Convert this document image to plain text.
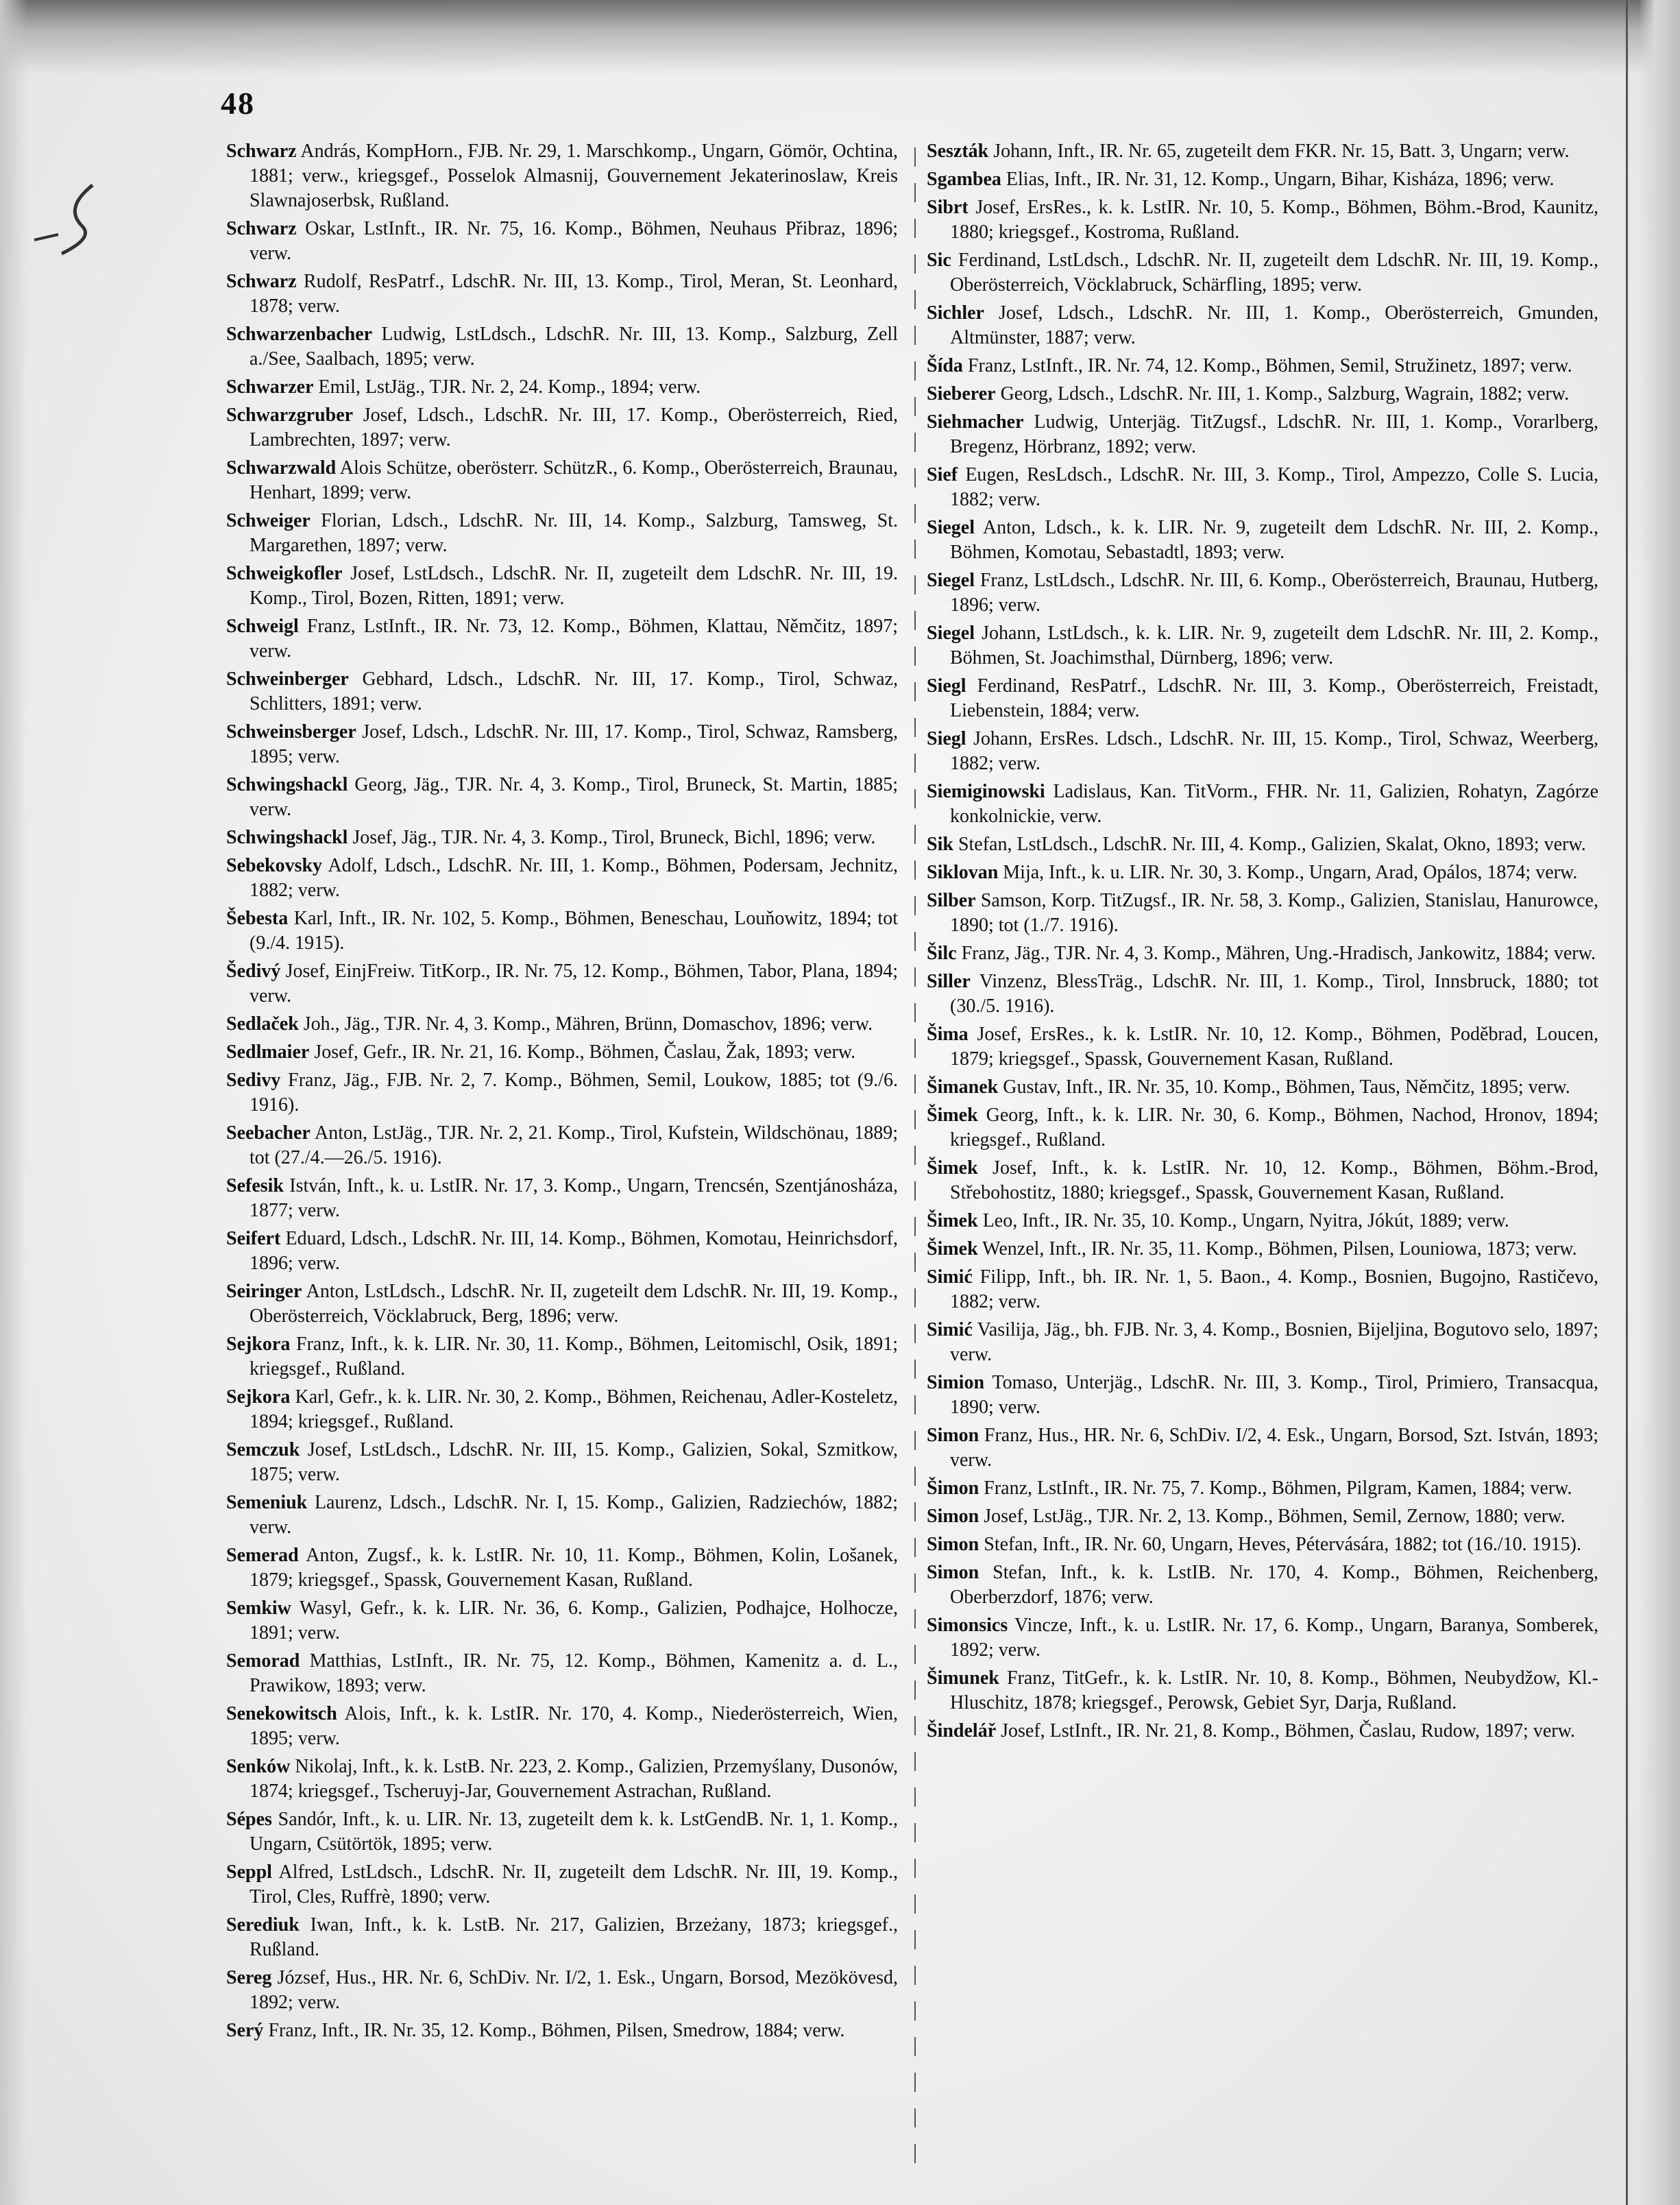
48

Schwarz András, KompHorn., FJB. Nr. 29, 1. Marschkomp., Ungarn, Gömör, Ochtina, 1881; verw., kriegsgef., Posselok Almasnij, Gouvernement Jekaterinoslaw, Kreis Slawnajoserbsk, Rußland.

Schwarz Oskar, LstInft., IR. Nr. 75, 16. Komp., Böhmen, Neuhaus Přibraz, 1896; verw.

Schwarz Rudolf, ResPatrf., LdschR. Nr. III, 13. Komp., Tirol, Meran, St. Leonhard, 1878; verw.

Schwarzenbacher Ludwig, LstLdsch., LdschR. Nr. III, 13. Komp., Salzburg, Zell a./See, Saalbach, 1895; verw.

Schwarzer Emil, LstJäg., TJR. Nr. 2, 24. Komp., 1894; verw.

Schwarzgruber Josef, Ldsch., LdschR. Nr. III, 17. Komp., Oberösterreich, Ried, Lambrechten, 1897; verw.

Schwarzwald Alois Schütze, oberösterr. SchützR., 6. Komp., Oberösterreich, Braunau, Henhart, 1899; verw.

Schweiger Florian, Ldsch., LdschR. Nr. III, 14. Komp., Salzburg, Tamsweg, St. Margarethen, 1897; verw.

Schweigkofler Josef, LstLdsch., LdschR. Nr. II, zugeteilt dem LdschR. Nr. III, 19. Komp., Tirol, Bozen, Ritten, 1891; verw.

Schweigl Franz, LstInft., IR. Nr. 73, 12. Komp., Böhmen, Klattau, Němčitz, 1897; verw.

Schweinberger Gebhard, Ldsch., LdschR. Nr. III, 17. Komp., Tirol, Schwaz, Schlitters, 1891; verw.

Schweinsberger Josef, Ldsch., LdschR. Nr. III, 17. Komp., Tirol, Schwaz, Ramsberg, 1895; verw.

Schwingshackl Georg, Jäg., TJR. Nr. 4, 3. Komp., Tirol, Bruneck, St. Martin, 1885; verw.

Schwingshackl Josef, Jäg., TJR. Nr. 4, 3. Komp., Tirol, Bruneck, Bichl, 1896; verw.

Sebekovsky Adolf, Ldsch., LdschR. Nr. III, 1. Komp., Böhmen, Podersam, Jechnitz, 1882; verw.

Šebesta Karl, Inft., IR. Nr. 102, 5. Komp., Böhmen, Beneschau, Louňowitz, 1894; tot (9./4. 1915).

Šedivý Josef, EinjFreiw. TitKorp., IR. Nr. 75, 12. Komp., Böhmen, Tabor, Plana, 1894; verw.

Sedlaček Joh., Jäg., TJR. Nr. 4, 3. Komp., Mähren, Brünn, Domaschov, 1896; verw.

Sedlmaier Josef, Gefr., IR. Nr. 21, 16. Komp., Böhmen, Časlau, Žak, 1893; verw.

Sedivy Franz, Jäg., FJB. Nr. 2, 7. Komp., Böhmen, Semil, Loukow, 1885; tot (9./6. 1916).

Seebacher Anton, LstJäg., TJR. Nr. 2, 21. Komp., Tirol, Kufstein, Wildschönau, 1889; tot (27./4.—26./5. 1916).

Sefesik István, Inft., k. u. LstIR. Nr. 17, 3. Komp., Ungarn, Trencsén, Szentjánosháza, 1877; verw.

Seifert Eduard, Ldsch., LdschR. Nr. III, 14. Komp., Böhmen, Komotau, Heinrichsdorf, 1896; verw.

Seiringer Anton, LstLdsch., LdschR. Nr. II, zugeteilt dem LdschR. Nr. III, 19. Komp., Oberösterreich, Vöcklabruck, Berg, 1896; verw.

Sejkora Franz, Inft., k. k. LIR. Nr. 30, 11. Komp., Böhmen, Leitomischl, Osik, 1891; kriegsgef., Rußland.

Sejkora Karl, Gefr., k. k. LIR. Nr. 30, 2. Komp., Böhmen, Reichenau, Adler-Kosteletz, 1894; kriegsgef., Rußland.

Semczuk Josef, LstLdsch., LdschR. Nr. III, 15. Komp., Galizien, Sokal, Szmitkow, 1875; verw.

Semeniuk Laurenz, Ldsch., LdschR. Nr. I, 15. Komp., Galizien, Radziechów, 1882; verw.

Semerad Anton, Zugsf., k. k. LstIR. Nr. 10, 11. Komp., Böhmen, Kolin, Lošanek, 1879; kriegsgef., Spassk, Gouvernement Kasan, Rußland.

Semkiw Wasyl, Gefr., k. k. LIR. Nr. 36, 6. Komp., Galizien, Podhajce, Holhocze, 1891; verw.

Semorad Matthias, LstInft., IR. Nr. 75, 12. Komp., Böhmen, Kamenitz a. d. L., Prawikow, 1893; verw.

Senekowitsch Alois, Inft., k. k. LstIR. Nr. 170, 4. Komp., Niederösterreich, Wien, 1895; verw.

Senków Nikolaj, Inft., k. k. LstB. Nr. 223, 2. Komp., Galizien, Przemyślany, Dusonów, 1874; kriegsgef., Tscheruyj-Jar, Gouvernement Astrachan, Rußland.

Sépes Sandór, Inft., k. u. LIR. Nr. 13, zugeteilt dem k. k. LstGendB. Nr. 1, 1. Komp., Ungarn, Csütörtök, 1895; verw.

Seppl Alfred, LstLdsch., LdschR. Nr. II, zugeteilt dem LdschR. Nr. III, 19. Komp., Tirol, Cles, Ruffrè, 1890; verw.

Serediuk Iwan, Inft., k. k. LstB. Nr. 217, Galizien, Brzeżany, 1873; kriegsgef., Rußland.

Sereg József, Hus., HR. Nr. 6, SchDiv. Nr. I/2, 1. Esk., Ungarn, Borsod, Mezökövesd, 1892; verw.

Serý Franz, Inft., IR. Nr. 35, 12. Komp., Böhmen, Pilsen, Smedrow, 1884; verw.

Seszták Johann, Inft., IR. Nr. 65, zugeteilt dem FKR. Nr. 15, Batt. 3, Ungarn; verw.

Sgambea Elias, Inft., IR. Nr. 31, 12. Komp., Ungarn, Bihar, Kisháza, 1896; verw.

Sibrt Josef, ErsRes., k. k. LstIR. Nr. 10, 5. Komp., Böhmen, Böhm.-Brod, Kaunitz, 1880; kriegsgef., Kostroma, Rußland.

Sic Ferdinand, LstLdsch., LdschR. Nr. II, zugeteilt dem LdschR. Nr. III, 19. Komp., Oberösterreich, Vöcklabruck, Schärfling, 1895; verw.

Sichler Josef, Ldsch., LdschR. Nr. III, 1. Komp., Oberösterreich, Gmunden, Altmünster, 1887; verw.

Šída Franz, LstInft., IR. Nr. 74, 12. Komp., Böhmen, Semil, Stružinetz, 1897; verw.

Sieberer Georg, Ldsch., LdschR. Nr. III, 1. Komp., Salzburg, Wagrain, 1882; verw.

Siehmacher Ludwig, Unterjäg. TitZugsf., LdschR. Nr. III, 1. Komp., Vorarlberg, Bregenz, Hörbranz, 1892; verw.

Sief Eugen, ResLdsch., LdschR. Nr. III, 3. Komp., Tirol, Ampezzo, Colle S. Lucia, 1882; verw.

Siegel Anton, Ldsch., k. k. LIR. Nr. 9, zugeteilt dem LdschR. Nr. III, 2. Komp., Böhmen, Komotau, Sebastadtl, 1893; verw.

Siegel Franz, LstLdsch., LdschR. Nr. III, 6. Komp., Oberösterreich, Braunau, Hutberg, 1896; verw.

Siegel Johann, LstLdsch., k. k. LIR. Nr. 9, zugeteilt dem LdschR. Nr. III, 2. Komp., Böhmen, St. Joachimsthal, Dürnberg, 1896; verw.

Siegl Ferdinand, ResPatrf., LdschR. Nr. III, 3. Komp., Oberösterreich, Freistadt, Liebenstein, 1884; verw.

Siegl Johann, ErsRes. Ldsch., LdschR. Nr. III, 15. Komp., Tirol, Schwaz, Weerberg, 1882; verw.

Siemiginowski Ladislaus, Kan. TitVorm., FHR. Nr. 11, Galizien, Rohatyn, Zagórze konkolnickie, verw.

Sik Stefan, LstLdsch., LdschR. Nr. III, 4. Komp., Galizien, Skalat, Okno, 1893; verw.

Siklovan Mija, Inft., k. u. LIR. Nr. 30, 3. Komp., Ungarn, Arad, Opálos, 1874; verw.

Silber Samson, Korp. TitZugsf., IR. Nr. 58, 3. Komp., Galizien, Stanislau, Hanurowce, 1890; tot (1./7. 1916).

Šilc Franz, Jäg., TJR. Nr. 4, 3. Komp., Mähren, Ung.-Hradisch, Jankowitz, 1884; verw.

Siller Vinzenz, BlessTräg., LdschR. Nr. III, 1. Komp., Tirol, Innsbruck, 1880; tot (30./5. 1916).

Šima Josef, ErsRes., k. k. LstIR. Nr. 10, 12. Komp., Böhmen, Poděbrad, Loucen, 1879; kriegsgef., Spassk, Gouvernement Kasan, Rußland.

Šimanek Gustav, Inft., IR. Nr. 35, 10. Komp., Böhmen, Taus, Němčitz, 1895; verw.

Šimek Georg, Inft., k. k. LIR. Nr. 30, 6. Komp., Böhmen, Nachod, Hronov, 1894; kriegsgef., Rußland.

Šimek Josef, Inft., k. k. LstIR. Nr. 10, 12. Komp., Böhmen, Böhm.-Brod, Střebohostitz, 1880; kriegsgef., Spassk, Gouvernement Kasan, Rußland.

Šimek Leo, Inft., IR. Nr. 35, 10. Komp., Ungarn, Nyitra, Jókút, 1889; verw.

Šimek Wenzel, Inft., IR. Nr. 35, 11. Komp., Böhmen, Pilsen, Louniowa, 1873; verw.

Simić Filipp, Inft., bh. IR. Nr. 1, 5. Baon., 4. Komp., Bosnien, Bugojno, Rastičevo, 1882; verw.

Simić Vasilija, Jäg., bh. FJB. Nr. 3, 4. Komp., Bosnien, Bijeljina, Bogutovo selo, 1897; verw.

Simion Tomaso, Unterjäg., LdschR. Nr. III, 3. Komp., Tirol, Primiero, Transacqua, 1890; verw.

Simon Franz, Hus., HR. Nr. 6, SchDiv. I/2, 4. Esk., Ungarn, Borsod, Szt. István, 1893; verw.

Šimon Franz, LstInft., IR. Nr. 75, 7. Komp., Böhmen, Pilgram, Kamen, 1884; verw.

Simon Josef, LstJäg., TJR. Nr. 2, 13. Komp., Böhmen, Semil, Zernow, 1880; verw.

Simon Stefan, Inft., IR. Nr. 60, Ungarn, Heves, Pétervására, 1882; tot (16./10. 1915).

Simon Stefan, Inft., k. k. LstIB. Nr. 170, 4. Komp., Böhmen, Reichenberg, Oberberzdorf, 1876; verw.

Simonsics Vincze, Inft., k. u. LstIR. Nr. 17, 6. Komp., Ungarn, Baranya, Somberek, 1892; verw.

Šimunek Franz, TitGefr., k. k. LstIR. Nr. 10, 8. Komp., Böhmen, Neubydžow, Kl.-Hluschitz, 1878; kriegsgef., Perowsk, Gebiet Syr, Darja, Rußland.

Šindelář Josef, LstInft., IR. Nr. 21, 8. Komp., Böhmen, Časlau, Rudow, 1897; verw.
